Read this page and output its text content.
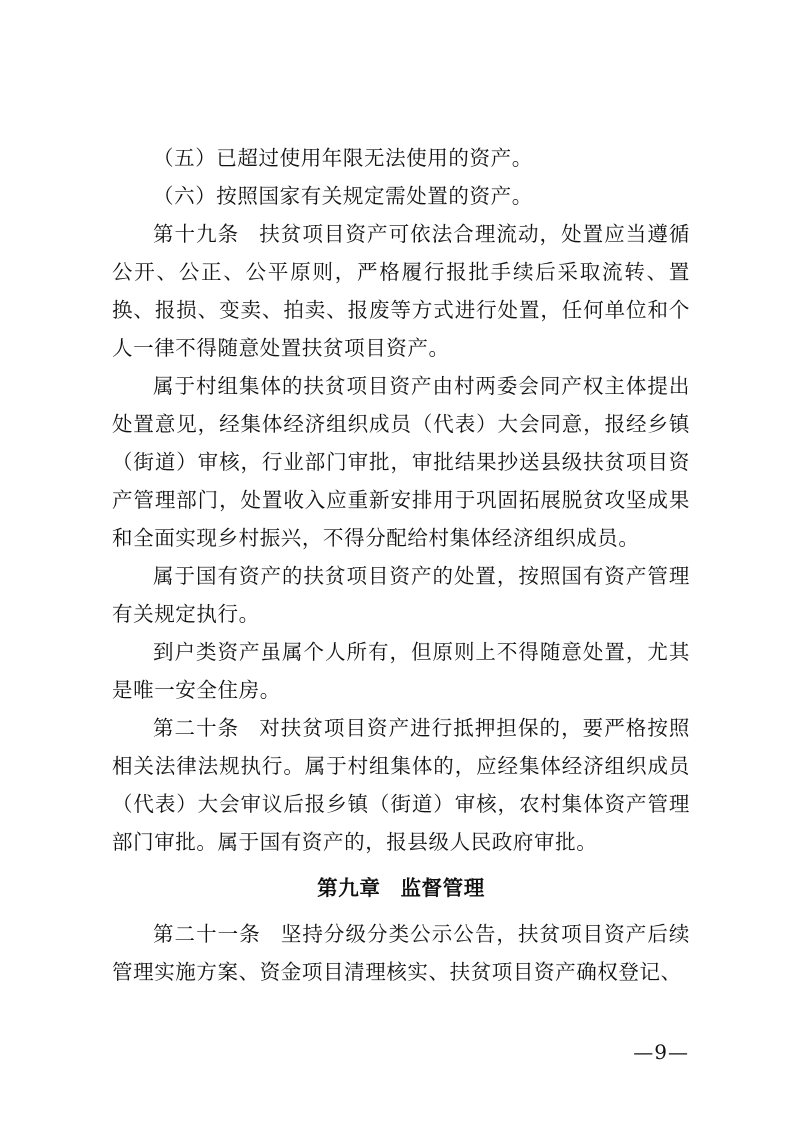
（五）已超过使用年限无法使用的资产。

（六）按照国家有关规定需处置的资产。

第十九条 扶贫项目资产可依法合理流动，处置应当遵循公开、公正、公平原则，严格履行报批手续后采取流转、置换、报损、变卖、拍卖、报废等方式进行处置，任何单位和个人一律不得随意处置扶贫项目资产。

属于村组集体的扶贫项目资产由村两委会同产权主体提出处置意见，经集体经济组织成员（代表）大会同意，报经乡镇（街道）审核，行业部门审批，审批结果抄送县级扶贫项目资产管理部门，处置收入应重新安排用于巩固拓展脱贫攻坚成果和全面实现乡村振兴，不得分配给村集体经济组织成员。

属于国有资产的扶贫项目资产的处置，按照国有资产管理有关规定执行。

到户类资产虽属个人所有，但原则上不得随意处置，尤其是唯一安全住房。

第二十条 对扶贫项目资产进行抵押担保的，要严格按照相关法律法规执行。属于村组集体的，应经集体经济组织成员（代表）大会审议后报乡镇（街道）审核，农村集体资产管理部门审批。属于国有资产的，报县级人民政府审批。

第九章 监督管理

第二十一条 坚持分级分类公示公告，扶贫项目资产后续管理实施方案、资金项目清理核实、扶贫项目资产确权登记、

—9—
